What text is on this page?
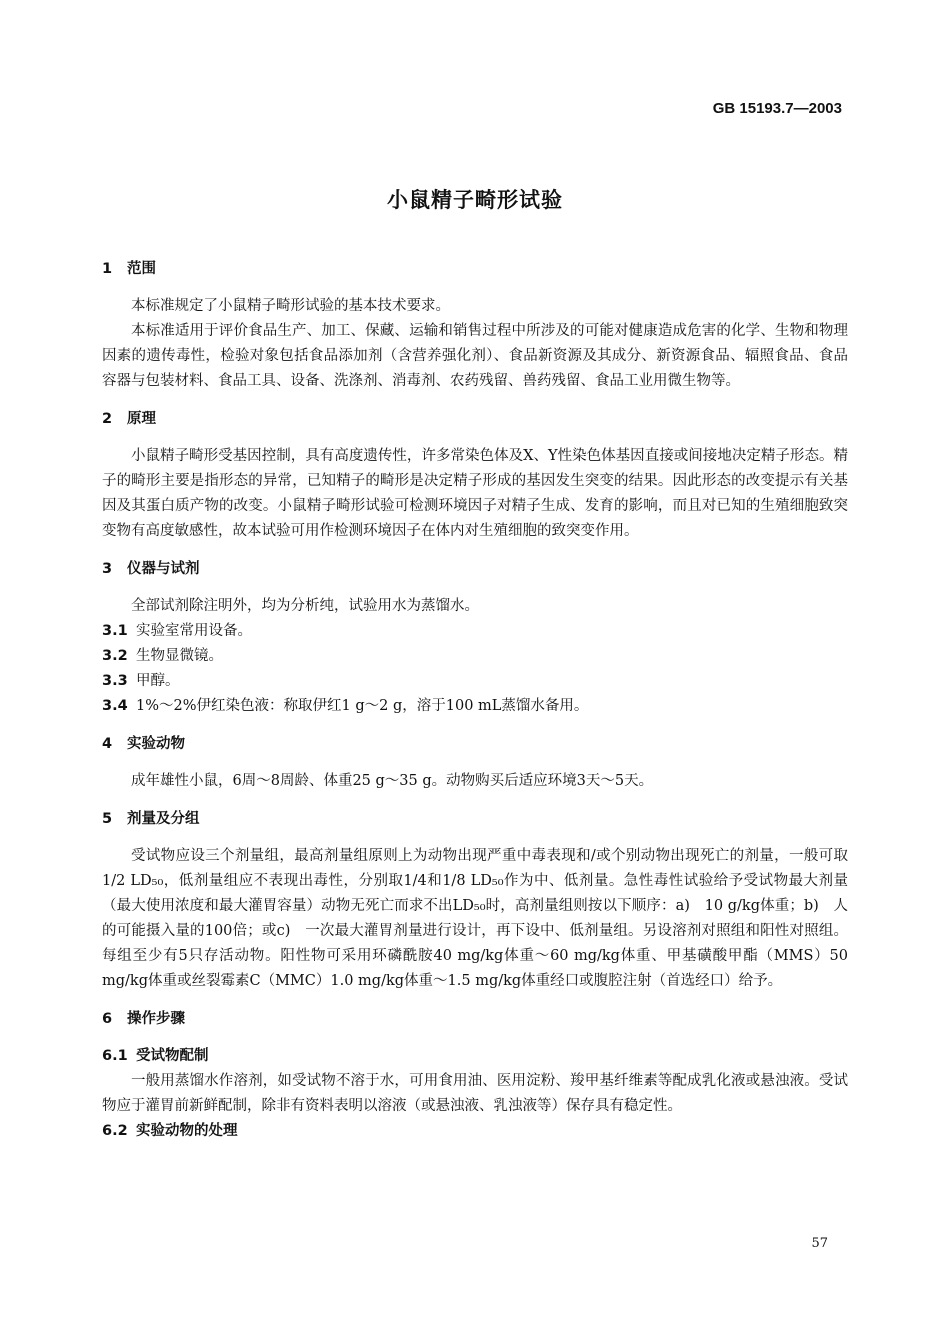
GB 15193.7—2003
小鼠精子畸形试验
1 范围

本标准规定了小鼠精子畸形试验的基本技术要求。

本标准适用于评价食品生产、加工、保藏、运输和销售过程中所涉及的可能对健康造成危害的化学、生物和物理因素的遗传毒性，检验对象包括食品添加剂（含营养强化剂）、食品新资源及其成分、新资源食品、辐照食品、食品容器与包装材料、食品工具、设备、洗涤剂、消毒剂、农药残留、兽药残留、食品工业用微生物等。

2 原理

小鼠精子畸形受基因控制，具有高度遗传性，许多常染色体及X、Y性染色体基因直接或间接地决定精子形态。精子的畸形主要是指形态的异常，已知精子的畸形是决定精子形成的基因发生突变的结果。因此形态的改变提示有关基因及其蛋白质产物的改变。小鼠精子畸形试验可检测环境因子对精子生成、发育的影响，而且对已知的生殖细胞致突变物有高度敏感性，故本试验可用作检测环境因子在体内对生殖细胞的致突变作用。

3 仪器与试剂

全部试剂除注明外，均为分析纯，试验用水为蒸馏水。

3.1 实验室常用设备。
3.2 生物显微镜。
3.3 甲醇。
3.4 1%～2%伊红染色液：称取伊红1 g～2 g，溶于100 mL蒸馏水备用。
4 实验动物

成年雄性小鼠，6周～8周龄、体重25 g～35 g。动物购买后适应环境3天～5天。

5 剂量及分组

受试物应设三个剂量组，最高剂量组原则上为动物出现严重中毒表现和/或个别动物出现死亡的剂量，一般可取1/2 LD₅₀，低剂量组应不表现出毒性，分别取1/4和1/8 LD₅₀作为中、低剂量。急性毒性试验给予受试物最大剂量（最大使用浓度和最大灌胃容量）动物无死亡而求不出LD₅₀时，高剂量组则按以下顺序：a)　10 g/kg体重；b)　人的可能摄入量的100倍；或c)　一次最大灌胃剂量进行设计，再下设中、低剂量组。另设溶剂对照组和阳性对照组。每组至少有5只存活动物。阳性物可采用环磷酰胺40 mg/kg体重～60 mg/kg体重、甲基磺酸甲酯（MMS）50 mg/kg体重或丝裂霉素C（MMC）1.0 mg/kg体重～1.5 mg/kg体重经口或腹腔注射（首选经口）给予。

6 操作步骤
6.1 受试物配制

一般用蒸馏水作溶剂，如受试物不溶于水，可用食用油、医用淀粉、羧甲基纤维素等配成乳化液或悬浊液。受试物应于灌胃前新鲜配制，除非有资料表明以溶液（或悬浊液、乳浊液等）保存具有稳定性。

6.2 实验动物的处理
57
